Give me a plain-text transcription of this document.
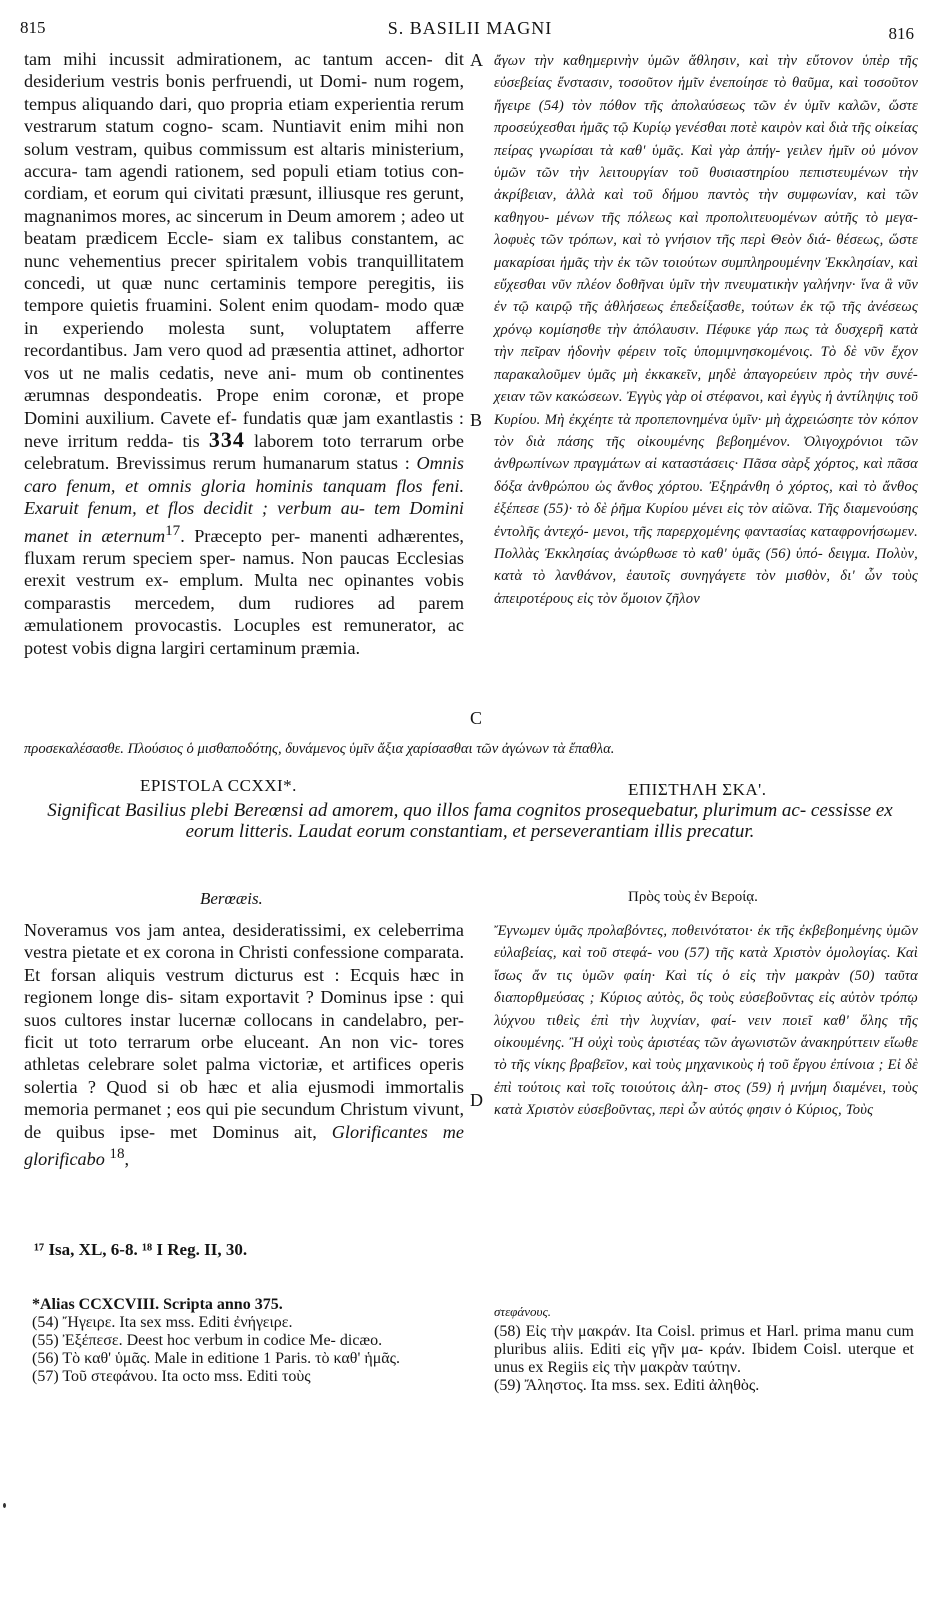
815	S. BASILII MAGNI	816

tam mihi incussit admirationem, ac tantum accen- dit desiderium vestris bonis perfruendi, ut Domi- num rogem, tempus aliquando dari, quo propria etiam experientia rerum vestrarum statum cogno- scam. Nuntiavit enim mihi non solum vestram, quibus commissum est altaris ministerium, accura- tam agendi rationem, sed populi etiam totius con- cordiam, et eorum qui civitati præsunt, illiusque res gerunt, magnanimos mores, ac sincerum in Deum amorem ; adeo ut beatam prædicem Eccle- siam ex talibus constantem, ac nunc vehementius precer spiritalem vobis tranquillitatem concedi, ut quæ nunc certaminis tempore peregitis, iis tempore quietis fruamini. Solent enim quodam- modo quæ in experiendo molesta sunt, voluptatem afferre recordantibus. Jam vero quod ad præsentia attinet, adhortor vos ut ne malis cedatis, neve ani- mum ob continentes ærumnas despondeatis. Prope enim coronæ, et prope Domini auxilium. Cavete ef- fundatis quæ jam exantlastis : neve irritum redda- tis 334 laborem toto terrarum orbe celebratum. Brevissimus rerum humanarum status : Omnis caro fenum, et omnis gloria hominis tanquam flos feni. Exaruit fenum, et flos decidit ; verbum au- tem Domini manet in æternum$^{17}$. Præcepto per- manenti adhærentes, fluxam rerum speciem sper- namus. Non paucas Ecclesias erexit vestrum ex- emplum. Multa nec opinantes vobis comparastis mercedem, dum rudiores ad parem æmulationem provocastis. Locuples est remunerator, ac potest vobis digna largiri certaminum præmia.

A
B
C
D

ἄγων τὴν καθημερινὴν ὑμῶν ἄθλησιν, καὶ τὴν εὔτονον ὑπὲρ τῆς εὐσεβείας ἔνστασιν, τοσοῦτον ἡμῖν ἐνεποίησε τὸ θαῦμα, καὶ τοσοῦτον ἤγειρε (54) τὸν πόθον τῆς ἀπολαύσεως τῶν ἐν ὑμῖν καλῶν, ὥστε προσεύχεσθαι ἡμᾶς τῷ Κυρίῳ γενέσθαι ποτὲ καιρὸν καὶ διὰ τῆς οἰκείας πείρας γνωρίσαι τὰ καθ' ὑμᾶς. Καὶ γὰρ ἀπήγ- γειλεν ἡμῖν οὐ μόνον ὑμῶν τῶν τὴν λειτουργίαν τοῦ θυσιαστηρίου πεπιστευμένων τὴν ἀκρίβειαν, ἀλλὰ καὶ τοῦ δήμου παντὸς τὴν συμφωνίαν, καὶ τῶν καθηγου- μένων τῆς πόλεως καὶ προπολιτευομένων αὐτῆς τὸ μεγα- λοφυὲς τῶν τρόπων, καὶ τὸ γνήσιον τῆς περὶ Θεὸν διά- θέσεως, ὥστε μακαρίσαι ἡμᾶς τὴν ἐκ τῶν τοιούτων συμπληρουμένην Ἐκκλησίαν, καὶ εὔχεσθαι νῦν πλέον δοθῆναι ὑμῖν τὴν πνευματικὴν γαλήνην· ἵνα ἃ νῦν ἐν τῷ καιρῷ τῆς ἀθλήσεως ἐπεδείξασθε, τούτων ἐκ τῷ τῆς ἀνέσεως χρόνῳ κομίσησθε τὴν ἀπόλαυσιν. Πέφυκε γάρ πως τὰ δυσχερῆ κατὰ τὴν πεῖραν ἡδονὴν φέρειν τοῖς ὑπομιμνησκομένοις. Τὸ δὲ νῦν ἔχον παρακαλοῦμεν ὑμᾶς μὴ ἐκκακεῖν, μηδὲ ἀπαγορεύειν πρὸς τὴν συνέ- χειαν τῶν κακώσεων. Ἐγγὺς γὰρ οἱ στέφανοι, καὶ ἐγγὺς ἡ ἀντίληψις τοῦ Κυρίου. Μὴ ἐκχέητε τὰ προπεπονημένα ὑμῖν· μὴ ἀχρειώσητε τὸν κόπον τὸν διὰ πάσης τῆς οἰκουμένης βεβοημένον. Ὀλιγοχρόνιοι τῶν ἀνθρωπίνων πραγμάτων αἱ καταστάσεις· Πᾶσα σὰρξ χόρτος, καὶ πᾶσα δόξα ἀνθρώπου ὡς ἄνθος χόρτου. Ἐξηράνθη ὁ χόρτος, καὶ τὸ ἄνθος ἐξέπεσε (55)· τὸ δὲ ῥῆμα Κυρίου μένει εἰς τὸν αἰῶνα. Τῆς διαμενούσης ἐντολῆς ἀντεχό- μενοι, τῆς παρερχομένης φαντασίας καταφρονήσωμεν. Πολλὰς Ἐκκλησίας ἀνώρθωσε τὸ καθ' ὑμᾶς (56) ὑπό- δειγμα. Πολὺν, κατὰ τὸ λανθάνον, ἑαυτοῖς συνηγάγετε τὸν μισθὸν, δι' ὧν τοὺς ἀπειροτέρους εἰς τὸν ὅμοιον ζῆλον

προσεκαλέσασθε. Πλούσιος ὁ μισθαποδότης, δυνάμενος ὑμῖν ἄξια χαρίσασθαι τῶν ἀγώνων τὰ ἔπαθλα.
EPISTOLA CCXXI*.	ΕΠΙΣΤΗΛΗ ΣΚΑ'.
Significat Basilius plebi Bereœnsi ad amorem, quo illos fama cognitos prosequebatur, plurimum ac- cessisse ex eorum litteris. Laudat eorum constantiam, et perseverantiam illis precatur.
Berœæis.	Πρὸς τοὺς ἐν Βεροίᾳ.

Noveramus vos jam antea, desideratissimi, ex celeberrima vestra pietate et ex corona in Christi confessione comparata. Et forsan aliquis vestrum dicturus est : Ecquis hæc in regionem longe dis- sitam exportavit ? Dominus ipse : qui suos cultores instar lucernæ collocans in candelabro, per- ficit ut toto terrarum orbe eluceant. An non vic- tores athletas celebrare solet palma victoriæ, et artifices operis solertia ? Quod si ob hæc et alia ejusmodi immortalis memoria permanet ; eos qui pie secundum Christum vivunt, de quibus ipse- met Dominus ait, Glorificantes me glorificabo $^{18}$,

Ἔγνωμεν ὑμᾶς προλαβόντες, ποθεινότατοι· ἐκ τῆς ἐκβεβοημένης ὑμῶν εὐλαβείας, καὶ τοῦ στεφά- νου (57) τῆς κατὰ Χριστὸν ὁμολογίας. Καὶ ἴσως ἄν τις ὑμῶν φαίη· Καὶ τίς ὁ εἰς τὴν μακρὰν (50) ταῦτα διαπορθμεύσας ; Κύριος αὐτὸς, ὃς τοὺς εὐσεβοῦντας εἰς αὐτὸν τρόπῳ λύχνου τιθεὶς ἐπὶ τὴν λυχνίαν, φαί- νειν ποιεῖ καθ' ὅλης τῆς οἰκουμένης. Ἢ οὐχὶ τοὺς ἀριστέας τῶν ἀγωνιστῶν ἀνακηρύττειν εἴωθε τὸ τῆς νίκης βραβεῖον, καὶ τοὺς μηχανικοὺς ἡ τοῦ ἔργου ἐπίνοια ; Εἰ δὲ ἐπὶ τούτοις καὶ τοῖς τοιούτοις ἀλη- στος (59) ἡ μνήμη διαμένει, τοὺς κατὰ Χριστὸν εὐσεβοῦντας, περὶ ὧν αὐτός φησιν ὁ Κύριος, Τοὺς

¹⁷ Isa, XL, 6-8. ¹⁸ I Reg. II, 30.
*Alias CCXCVIII. Scripta anno 375.
(54) Ἤγειρε. Ita sex mss. Editi ἐνήγειρε.
(55) Ἐξέπεσε. Deest hoc verbum in codice Me- dicæo.
(56) Τὸ καθ' ὑμᾶς. Male in editione 1 Paris. τὸ καθ' ἡμᾶς.
(57) Τοῦ στεφάνου. Ita octo mss. Editi τοὺς
στεφάνους.
(58) Εἰς τὴν μακράν. Ita Coisl. primus et Harl. prima manu cum pluribus aliis. Editi εἰς γῆν μα- κράν. Ibidem Coisl. uterque et unus ex Regiis εἰς τὴν μακρὰν ταύτην.
(59) Ἄληστος. Ita mss. sex. Editi ἀληθὸς.
